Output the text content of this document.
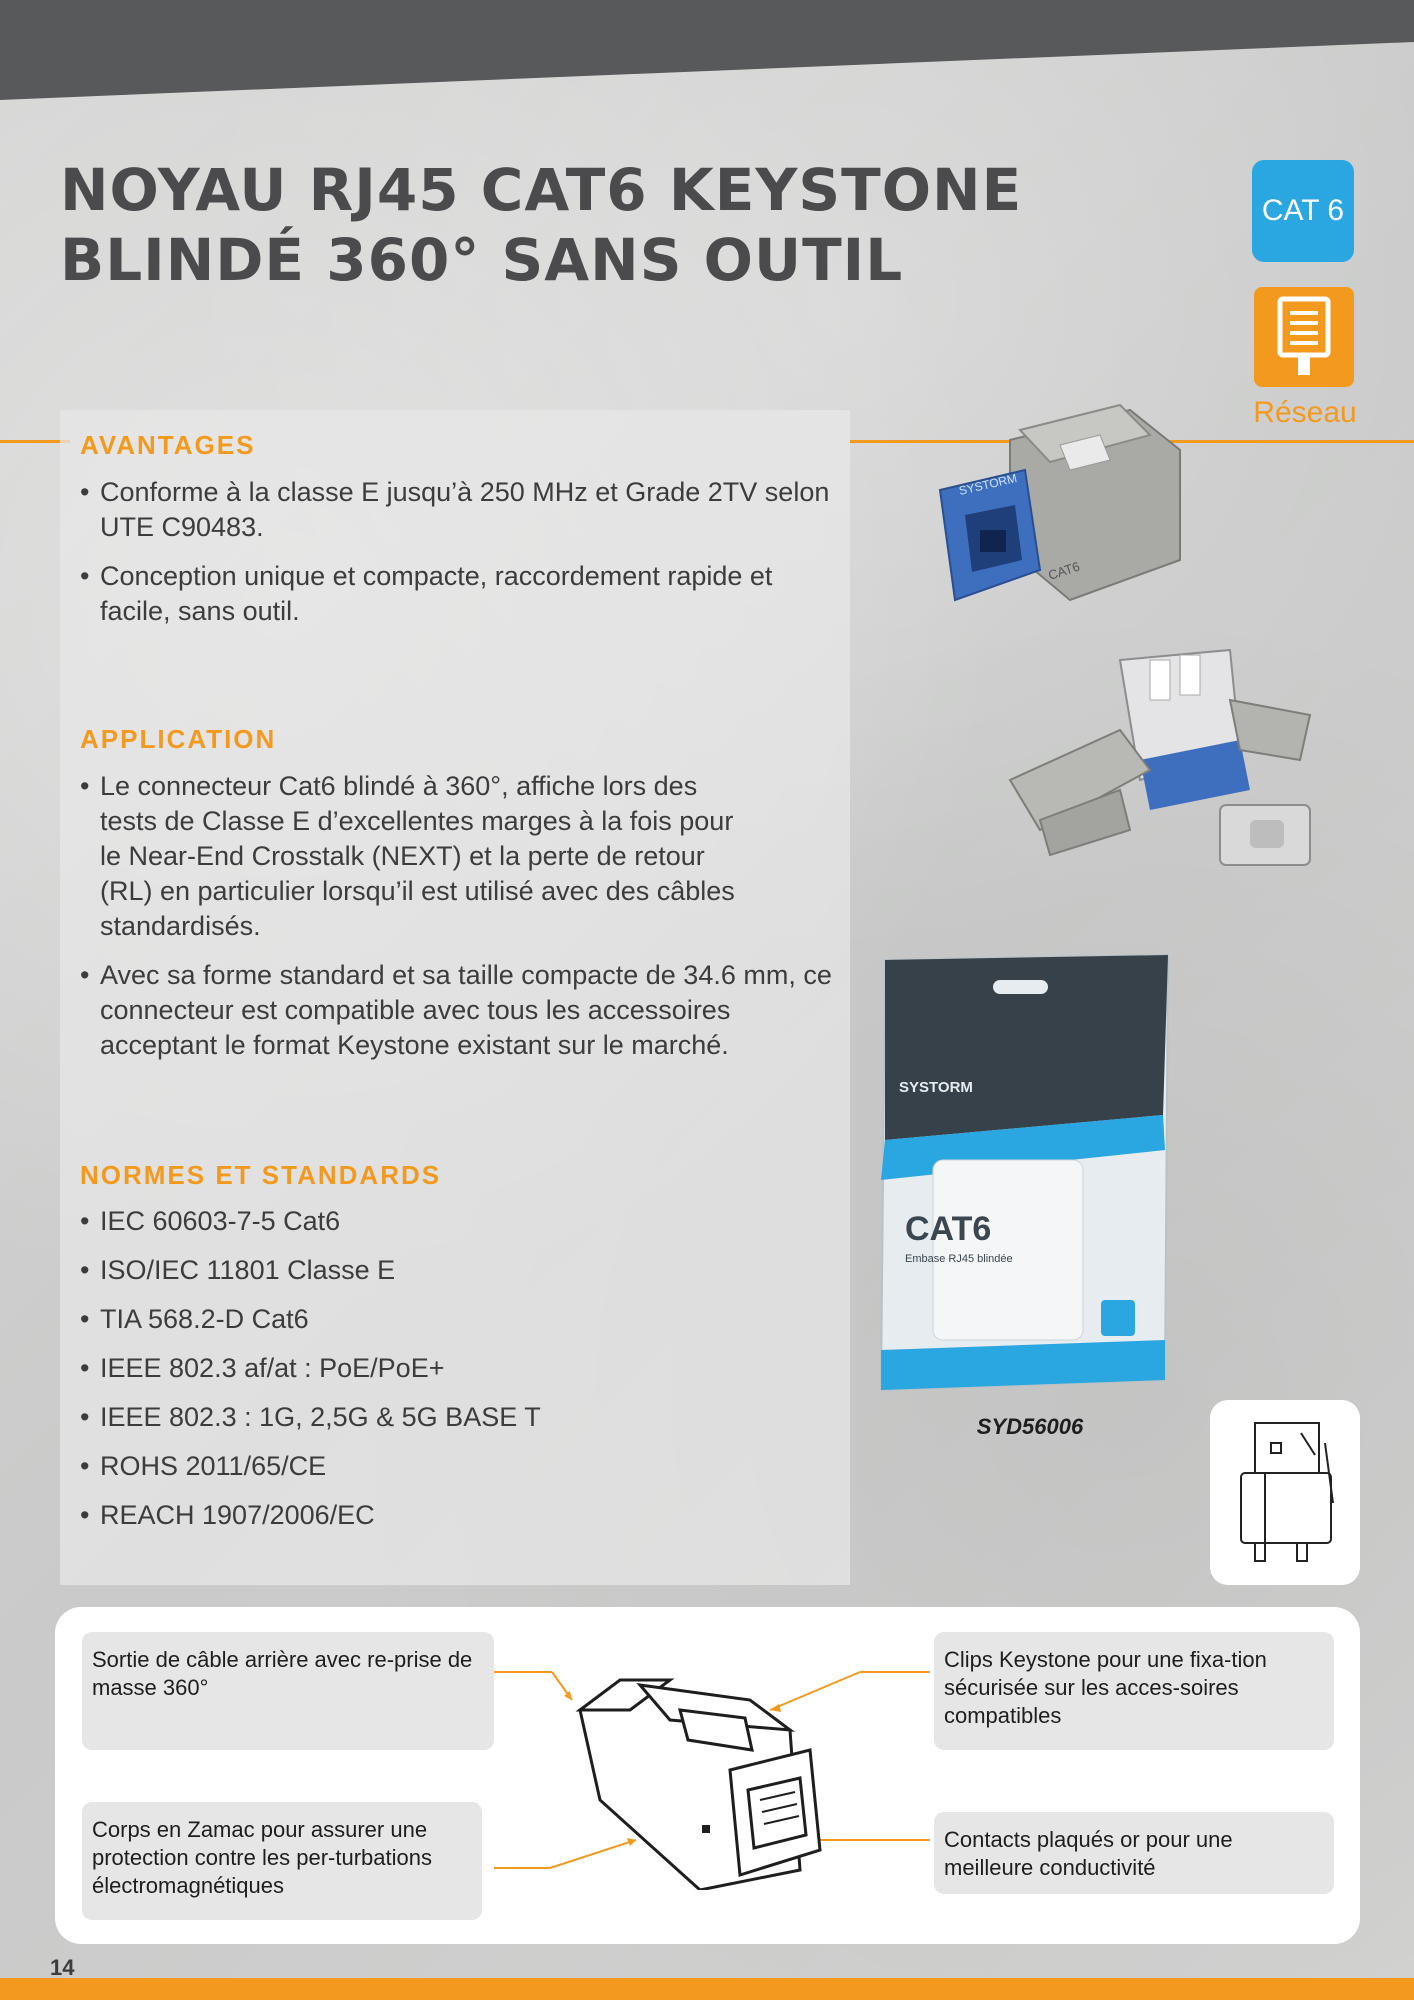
NOYAU RJ45 CAT6 KEYSTONE
BLINDÉ 360° SANS OUTIL
CAT 6
Réseau
AVANTAGES
• Conforme à la classe E jusqu’à 250 MHz et Grade 2TV selon UTE C90483.
• Conception unique et compacte, raccordement rapide et facile, sans outil.
APPLICATION
• Le connecteur Cat6 blindé à 360°, affiche lors des tests de Classe E d’excellentes marges à la fois pour le Near-End Crosstalk (NEXT) et la perte de retour (RL) en particulier lorsqu’il est utilisé avec des câbles standardisés.
• Avec sa forme standard et sa taille compacte de 34.6 mm, ce connecteur est compatible avec tous les accessoires acceptant le format Keystone existant sur le marché.
NORMES ET STANDARDS
• IEC 60603-7-5 Cat6
• ISO/IEC 11801 Classe E
• TIA 568.2-D Cat6
• IEEE 802.3 af/at : PoE/PoE+
• IEEE 802.3 : 1G, 2,5G & 5G BASE T
• ROHS 2011/65/CE
• REACH 1907/2006/EC
SYSTORM
CAT6
SYSTORM
CAT6
Embase RJ45 blindée
Réseau
SYD56006
Sortie de câble arrière avec re-prise de masse 360°
Corps en Zamac pour assurer une protection contre les per-turbations électromagnétiques
Clips Keystone pour une fixa-tion sécurisée sur les acces-soires compatibles
Contacts plaqués or pour une meilleure conductivité
14
